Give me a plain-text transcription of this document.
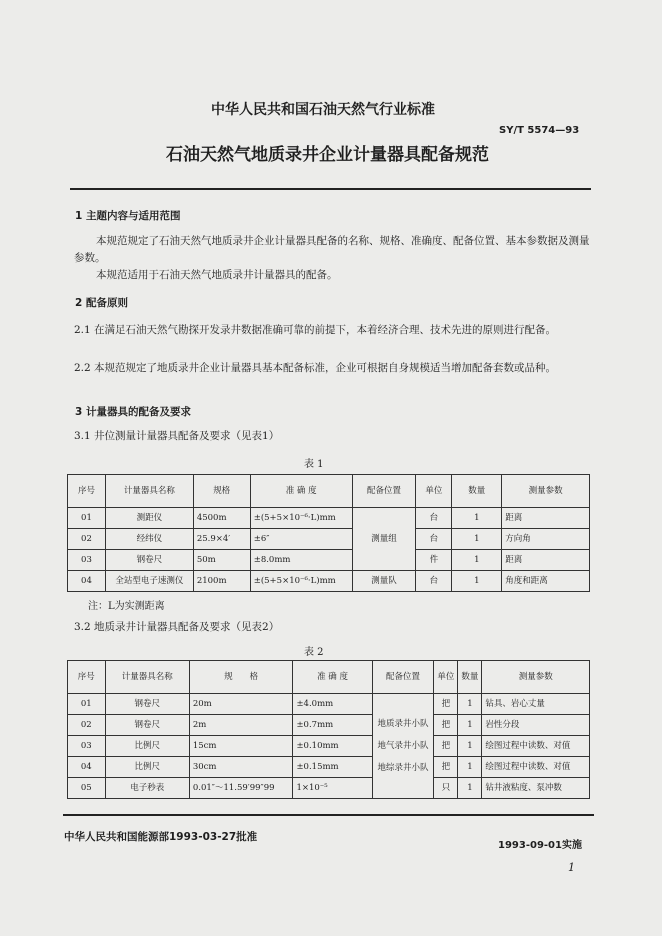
中华人民共和国石油天然气行业标准
SY/T 5574—93
石油天然气地质录井企业计量器具配备规范
1 主题内容与适用范围
本规范规定了石油天然气地质录井企业计量器具配备的名称、规格、准确度、配备位置、基本参数据及测量参数。
本规范适用于石油天然气地质录井计量器具的配备。
2 配备原则
2.1 在满足石油天然气勘探开发录井数据准确可靠的前提下，本着经济合理、技术先进的原则进行配备。
2.2 本规范规定了地质录井企业计量器具基本配备标准，企业可根据自身规模适当增加配备套数或品种。
3 计量器具的配备及要求
3.1 井位测量计量器具配备及要求（见表1）
表 1
序号	计量器具名称	规格	准 确 度	配备位置	单位	数量	测量参数
01	测距仪	4500m	±(5+5×10⁻⁶·L)mm	测量组	台	1	距离
02	经纬仪	25.9×4′	±6″		台	1	方向角
03	钢卷尺	50m	±8.0mm		件	1	距离
04	全站型电子速测仪	2100m	±(5+5×10⁻⁶·L)mm	测量队	台	1	角度和距离
注：L为实测距离
3.2 地质录井计量器具配备及要求（见表2）
表 2
序号	计量器具名称	规　　格	准 确 度	配备位置	单位	数量	测量参数
01	钢卷尺	20m	±4.0mm	地质录井小队
地气录井小队
地综录井小队	把	1	钻具、岩心丈量
02	钢卷尺	2m	±0.7mm		把	1	岩性分段
03	比例尺	15cm	±0.10mm		把	1	绘图过程中读数、对值
04	比例尺	30cm	±0.15mm		把	1	绘图过程中读数、对值
05	电子秒表	0.01″～11.59′99″99	1×10⁻⁵		只	1	钻井液粘度、泵冲数
中华人民共和国能源部1993-03-27批准
1993-09-01实施
1
